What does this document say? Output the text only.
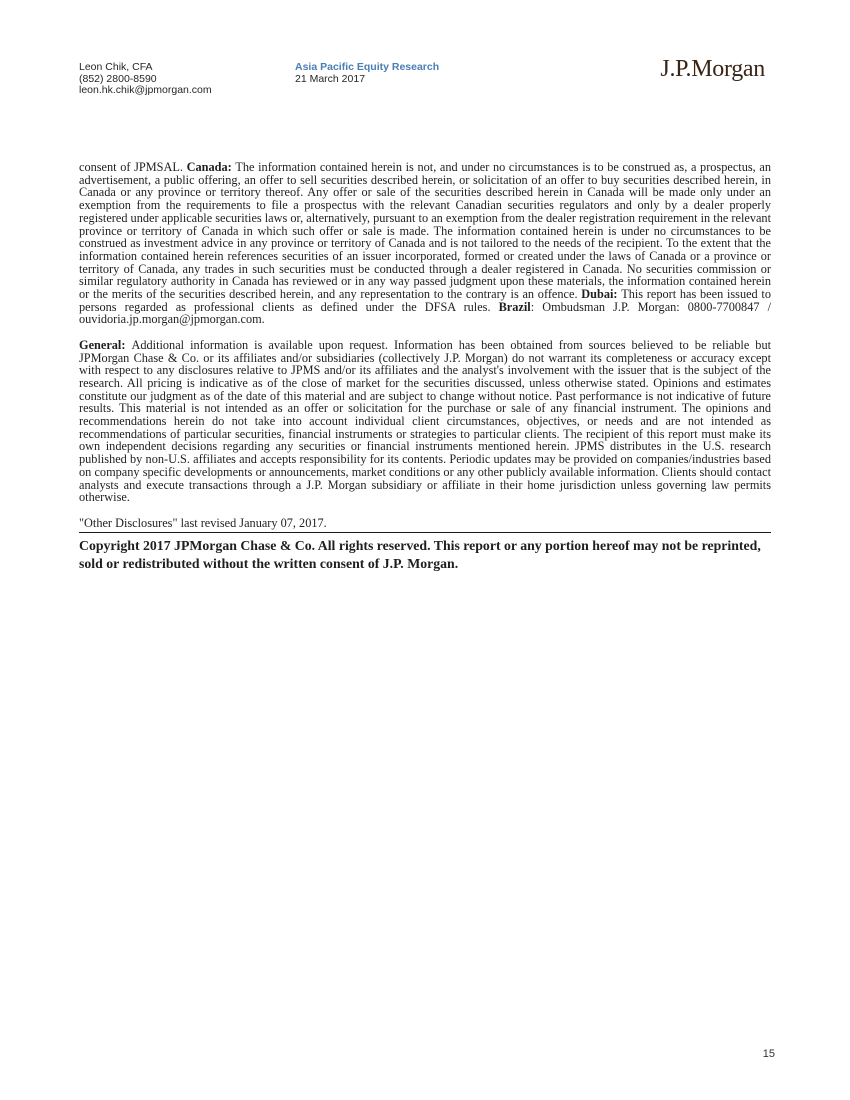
Leon Chik, CFA
(852) 2800-8590
leon.hk.chik@jpmorgan.com
Asia Pacific Equity Research
21 March 2017	J.P.Morgan

consent of JPMSAL. Canada: The information contained herein is not, and under no circumstances is to be construed as, a prospectus, an advertisement, a public offering, an offer to sell securities described herein, or solicitation of an offer to buy securities described herein, in Canada or any province or territory thereof. Any offer or sale of the securities described herein in Canada will be made only under an exemption from the requirements to file a prospectus with the relevant Canadian securities regulators and only by a dealer properly registered under applicable securities laws or, alternatively, pursuant to an exemption from the dealer registration requirement in the relevant province or territory of Canada in which such offer or sale is made. The information contained herein is under no circumstances to be construed as investment advice in any province or territory of Canada and is not tailored to the needs of the recipient. To the extent that the information contained herein references securities of an issuer incorporated, formed or created under the laws of Canada or a province or territory of Canada, any trades in such securities must be conducted through a dealer registered in Canada. No securities commission or similar regulatory authority in Canada has reviewed or in any way passed judgment upon these materials, the information contained herein or the merits of the securities described herein, and any representation to the contrary is an offence. Dubai: This report has been issued to persons regarded as professional clients as defined under the DFSA rules. Brazil: Ombudsman J.P. Morgan: 0800-7700847 / ouvidoria.jp.morgan@jpmorgan.com.

General: Additional information is available upon request. Information has been obtained from sources believed to be reliable but JPMorgan Chase & Co. or its affiliates and/or subsidiaries (collectively J.P. Morgan) do not warrant its completeness or accuracy except with respect to any disclosures relative to JPMS and/or its affiliates and the analyst's involvement with the issuer that is the subject of the research. All pricing is indicative as of the close of market for the securities discussed, unless otherwise stated. Opinions and estimates constitute our judgment as of the date of this material and are subject to change without notice. Past performance is not indicative of future results. This material is not intended as an offer or solicitation for the purchase or sale of any financial instrument. The opinions and recommendations herein do not take into account individual client circumstances, objectives, or needs and are not intended as recommendations of particular securities, financial instruments or strategies to particular clients. The recipient of this report must make its own independent decisions regarding any securities or financial instruments mentioned herein. JPMS distributes in the U.S. research published by non-U.S. affiliates and accepts responsibility for its contents. Periodic updates may be provided on companies/industries based on company specific developments or announcements, market conditions or any other publicly available information. Clients should contact analysts and execute transactions through a J.P. Morgan subsidiary or affiliate in their home jurisdiction unless governing law permits otherwise.

"Other Disclosures" last revised January 07, 2017.

Copyright 2017 JPMorgan Chase & Co. All rights reserved. This report or any portion hereof may not be reprinted, sold or redistributed without the written consent of J.P. Morgan.

15
